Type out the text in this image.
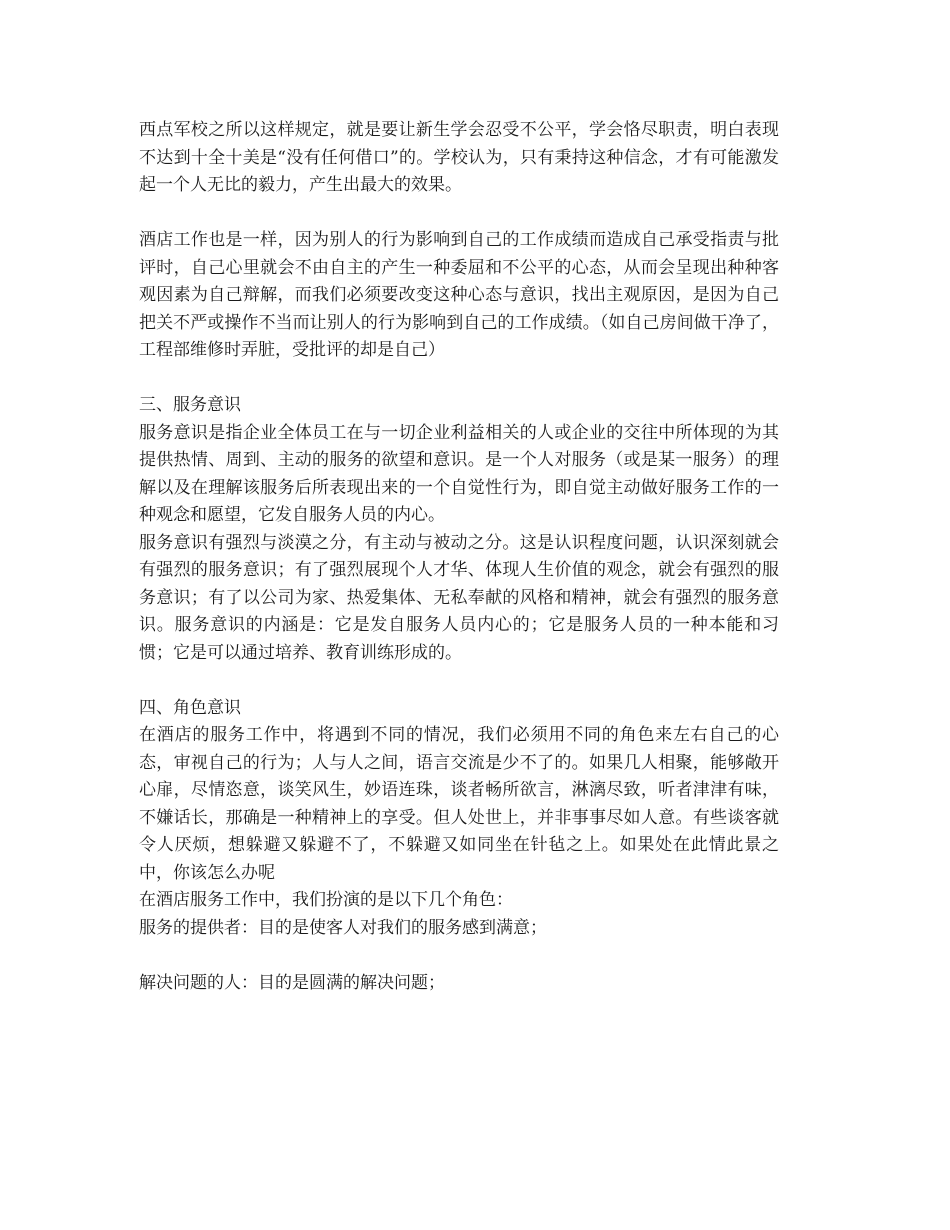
西点军校之所以这样规定，就是要让新生学会忍受不公平，学会恪尽职责，明白表现不达到十全十美是“没有任何借口”的。学校认为，只有秉持这种信念，才有可能激发起一个人无比的毅力，产生出最大的效果。

酒店工作也是一样，因为别人的行为影响到自己的工作成绩而造成自己承受指责与批评时，自己心里就会不由自主的产生一种委屈和不公平的心态，从而会呈现出种种客观因素为自己辩解，而我们必须要改变这种心态与意识，找出主观原因，是因为自己把关不严或操作不当而让别人的行为影响到自己的工作成绩。（如自己房间做干净了，工程部维修时弄脏，受批评的却是自己）

三、服务意识

服务意识是指企业全体员工在与一切企业利益相关的人或企业的交往中所体现的为其提供热情、周到、主动的服务的欲望和意识。是一个人对服务（或是某一服务）的理解以及在理解该服务后所表现出来的一个自觉性行为，即自觉主动做好服务工作的一种观念和愿望，它发自服务人员的内心。

服务意识有强烈与淡漠之分，有主动与被动之分。这是认识程度问题，认识深刻就会有强烈的服务意识；有了强烈展现个人才华、体现人生价值的观念，就会有强烈的服务意识；有了以公司为家、热爱集体、无私奉献的风格和精神，就会有强烈的服务意识。服务意识的内涵是：它是发自服务人员内心的；它是服务人员的一种本能和习惯；它是可以通过培养、教育训练形成的。

四、角色意识

在酒店的服务工作中，将遇到不同的情况，我们必须用不同的角色来左右自己的心态，审视自己的行为；人与人之间，语言交流是少不了的。如果几人相聚，能够敞开心扉，尽情恣意，谈笑风生，妙语连珠，谈者畅所欲言，淋漓尽致，听者津津有味，不嫌话长，那确是一种精神上的享受。但人处世上，并非事事尽如人意。有些谈客就令人厌烦，想躲避又躲避不了，不躲避又如同坐在针毡之上。如果处在此情此景之中，你该怎么办呢

在酒店服务工作中，我们扮演的是以下几个角色：

服务的提供者：目的是使客人对我们的服务感到满意；

解决问题的人：目的是圆满的解决问题；
